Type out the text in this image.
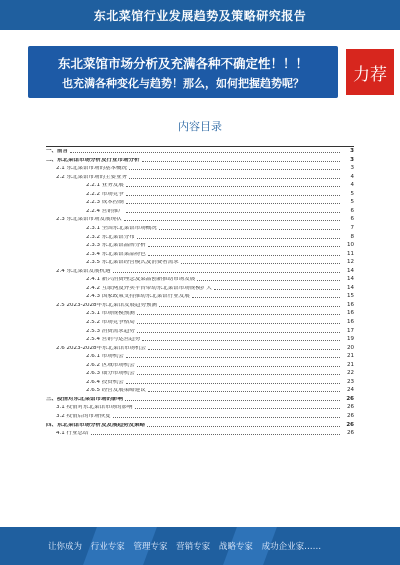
东北菜馆行业发展趋势及策略研究报告
东北菜馆市场分析及充满各种不确定性！！！
也充满各种变化与趋势！那么，如何把握趋势呢？	力荐
内容目录
一、前言	3
二、东北菜馆市场分析及行业市场分析	3
2.1 东北菜馆市场的基本概况	3
2.2 东北菜馆市场的主要业务	4
2.2.1 业务发展	4
2.2.2 市场竞争	5
2.2.3 成本控制	5
2.2.4 营销推广	6
2.3 东北菜馆市场发展现状	6
2.3.1 全国东北菜馆市场概况	7
2.3.2 东北菜馆分布	8
2.3.3 东北菜馆品牌分析	10
2.3.4 东北菜馆菜品特色	11
2.3.5 东北菜馆经营模式及消费者需求	12
2.4 东北菜馆发展机遇	14
2.4.1 新兴消费理念及菜品创新推动市场发展	14
2.4.2 互联网及外卖平台带动东北菜馆市场规模扩大	14
2.4.3 国家政策支持推动东北菜馆行业发展	15
2.5 2023-2028年东北菜馆发展趋势预测	16
2.5.1 市场规模预测	16
2.5.2 市场竞争格局	16
2.5.3 消费需求趋势	17
2.5.4 营销与运营趋势	19
2.6 2023-2028年东北菜馆市场机会	20
2.6.1 市场机会	21
2.6.2 区域市场机会	21
2.6.3 细分市场机会	22
2.6.4 投资机会	23
2.6.5 经营发展策略建议	24
三、疫情对东北菜馆市场的影响	26
3.1 疫情对东北菜馆市场的影响	26
3.2 疫情后的市场恢复	26
四、东北菜馆市场分析及发展趋势及策略	26
4.1 行业总结	26
让你成为 行业专家 管理专家 营销专家 战略专家 成功企业家……
